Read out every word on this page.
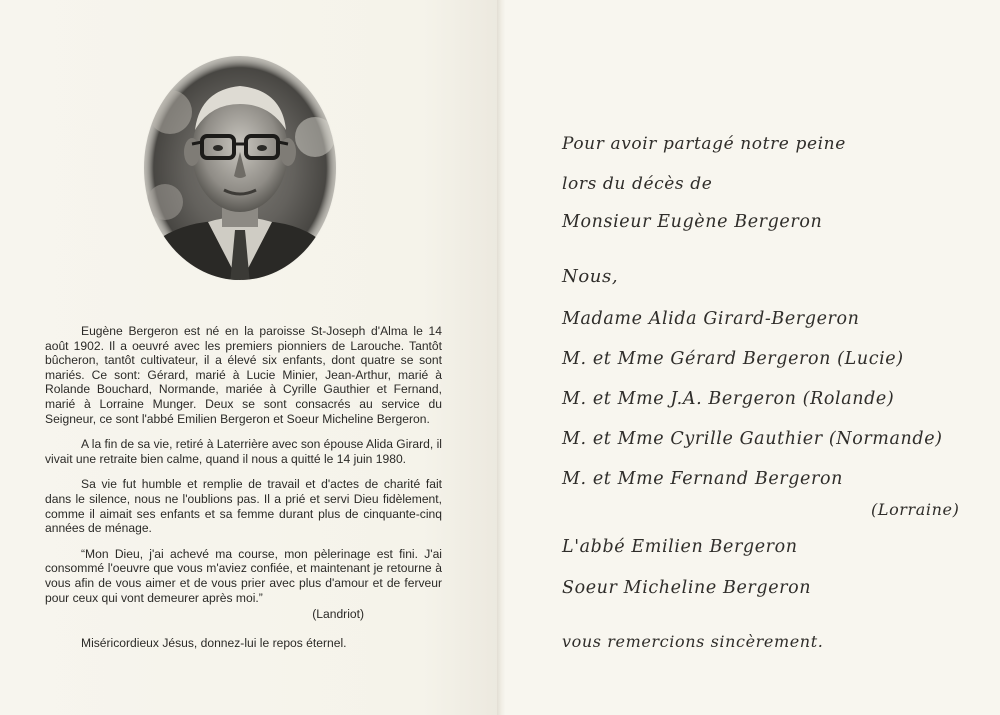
Eugène Bergeron est né en la paroisse St-Joseph d'Alma le 14 août 1902. Il a oeuvré avec les premiers pionniers de Larouche. Tantôt bûcheron, tantôt cultivateur, il a élevé six enfants, dont quatre se sont mariés. Ce sont: Gérard, marié à Lucie Minier, Jean-Arthur, marié à Rolande Bouchard, Normande, mariée à Cyrille Gauthier et Fernand, marié à Lorraine Munger. Deux se sont consacrés au service du Seigneur, ce sont l'abbé Emilien Bergeron et Soeur Micheline Bergeron.

A la fin de sa vie, retiré à Laterrière avec son épouse Alida Girard, il vivait une retraite bien calme, quand il nous a quitté le 14 juin 1980.

Sa vie fut humble et remplie de travail et d'actes de charité fait dans le silence, nous ne l'oublions pas. Il a prié et servi Dieu fidèlement, comme il aimait ses enfants et sa femme durant plus de cinquante-cinq années de ménage.

“Mon Dieu, j'ai achevé ma course, mon pèlerinage est fini. J'ai consommé l'oeuvre que vous m'aviez confiée, et maintenant je retourne à vous afin de vous aimer et de vous prier avec plus d'amour et de ferveur pour ceux qui vont demeurer après moi.”

(Landriot)

Miséricordieux Jésus, donnez-lui le repos éternel.

Pour avoir partagé notre peine
lors du décès de
Monsieur Eugène Bergeron
Nous,
Madame Alida Girard-Bergeron
M. et Mme Gérard Bergeron (Lucie)
M. et Mme J.A. Bergeron (Rolande)
M. et Mme Cyrille Gauthier (Normande)
M. et Mme Fernand Bergeron
(Lorraine)
L'abbé Emilien Bergeron
Soeur Micheline Bergeron
vous remercions sincèrement.
